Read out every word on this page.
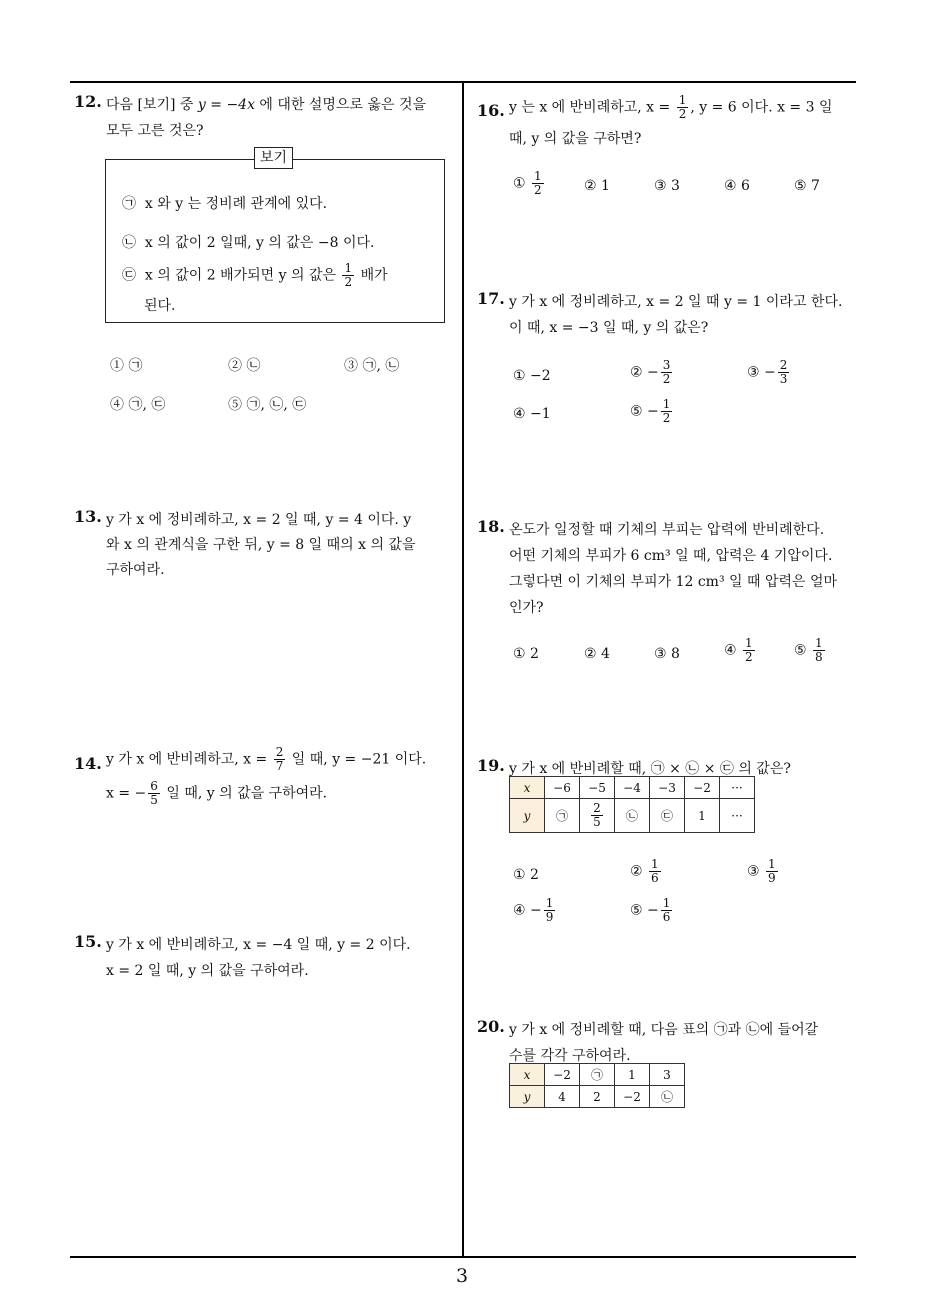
12. 다음 [보기] 중 y = −4x 에 대한 설명으로 옳은 것을
모두 고른 것은?
보기
㉠ x 와 y 는 정비례 관계에 있다.
㉡ x 의 값이 2 일때, y 의 값은 −8 이다.
㉢ x 의 값이 2 배가되면 y 의 값은 $\frac{1}{2}$ 배가
된다.
① ㉠	② ㉡	③ ㉠, ㉡
④ ㉠, ㉢	⑤ ㉠, ㉡, ㉢
13. y 가 x 에 정비례하고, x = 2 일 때, y = 4 이다. y
와 x 의 관계식을 구한 뒤, y = 8 일 때의 x 의 값을
구하여라.
14. y 가 x 에 반비례하고, $x = \frac{2}{7}$ 일 때, y = −21 이다.
x = − $\frac{6}{5}$ 일 때, y 의 값을 구하여라.
15. y 가 x 에 반비례하고, x = −4 일 때, y = 2 이다.
x = 2 일 때, y 의 값을 구하여라.
16. y 는 x 에 반비례하고, $x = \frac{1}{2}$ , y = 6 이다. x = 3 일
때, y 의 값을 구하면?
① $\frac{1}{2}$	② 1	③ 3	④ 6	⑤ 7
17. y 가 x 에 정비례하고, x = 2 일 때 y = 1 이라고 한다.
이 때, x = −3 일 때, y 의 값은?
① −2	② − $\frac{3}{2}$	③ − $\frac{2}{3}$
④ −1	⑤ − $\frac{1}{2}$
18. 온도가 일정할 때 기체의 부피는 압력에 반비례한다.
어떤 기체의 부피가 6 cm³ 일 때, 압력은 4 기압이다.
그렇다면 이 기체의 부피가 12 cm³ 일 때 압력은 얼마
인가?
① 2	② 4	③ 8	④ $\frac{1}{2}$	⑤ $\frac{1}{8}$
19. y 가 x 에 반비례할 때, ㉠ × ㉡ × ㉢ 의 값은?
x	−6	−5	−4	−3	−2	···
y	㉠	$\frac{2}{5}$	㉡	㉢	1	···
① 2	② $\frac{1}{6}$	③ $\frac{1}{9}$
④ − $\frac{1}{9}$	⑤ − $\frac{1}{6}$
20. y 가 x 에 정비례할 때, 다음 표의 ㉠과 ㉡에 들어갈
수를 각각 구하여라.
x	−2	㉠	1	3
y	4	2	−2	㉡
3
